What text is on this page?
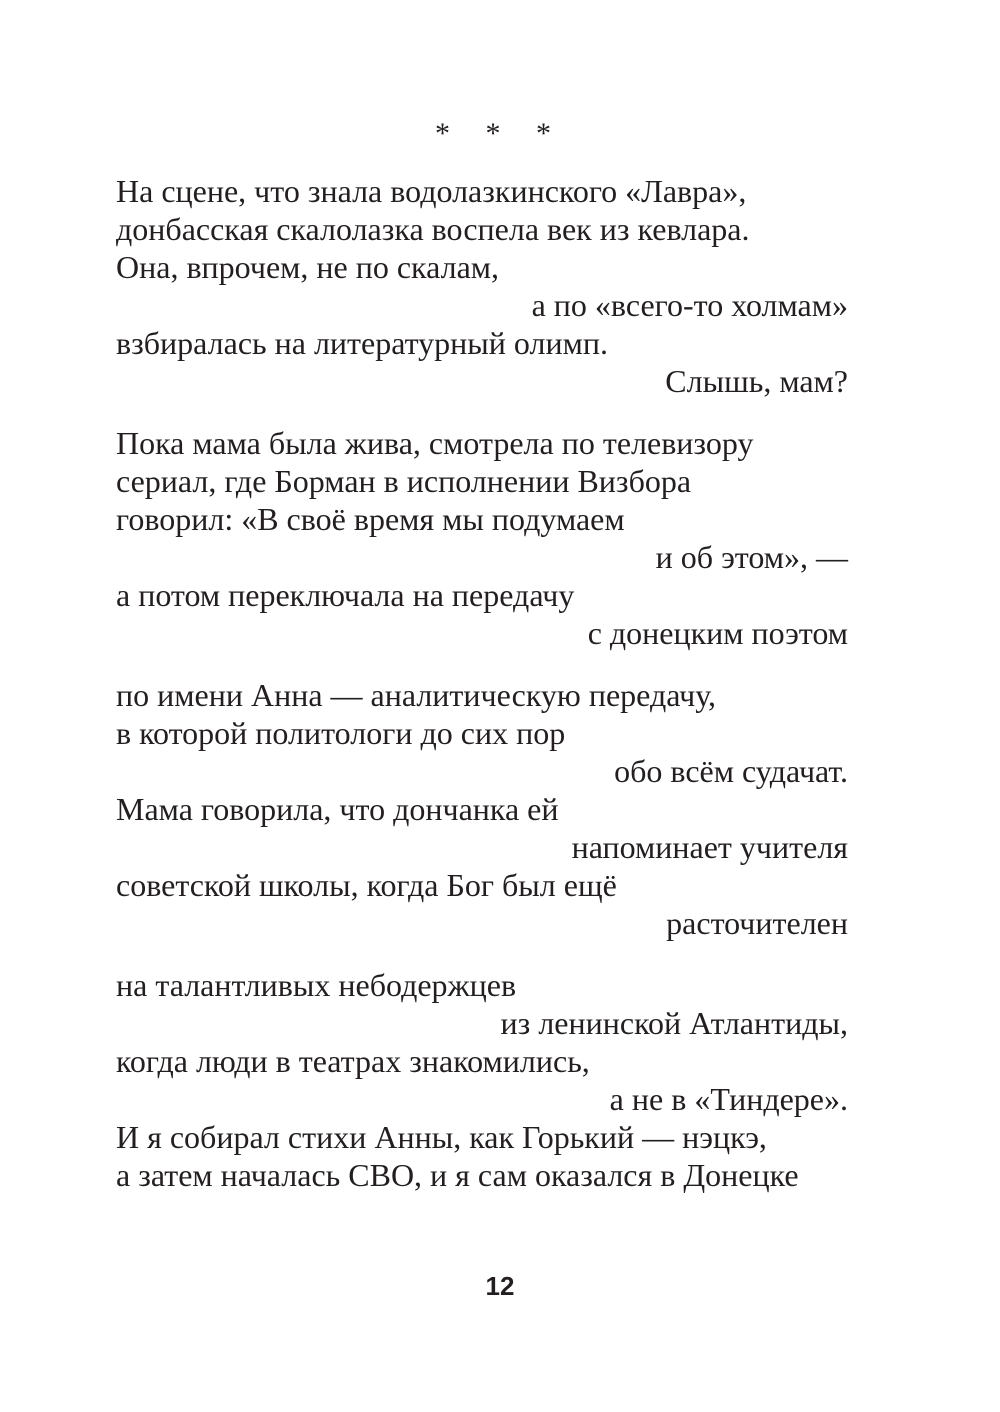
* * *
На сцене, что знала водолазкинского «Лавра»,
донбасская скалолазка воспела век из кевлара.
Она, впрочем, не по скалам,
а по «всего-то холмам»
взбиралась на литературный олимп.
Слышь, мам?
Пока мама была жива, смотрела по телевизору
сериал, где Борман в исполнении Визбора
говорил: «В своё время мы подумаем
и об этом», —
а потом переключала на передачу
с донецким поэтом
по имени Анна — аналитическую передачу,
в которой политологи до сих пор
обо всём судачат.
Мама говорила, что дончанка ей
напоминает учителя
советской школы, когда Бог был ещё
расточителен
на талантливых небодержцев
из ленинской Атлантиды,
когда люди в театрах знакомились,
а не в «Тиндере».
И я собирал стихи Анны, как Горький — нэцкэ,
а затем началась СВО, и я сам оказался в Донецке
12
